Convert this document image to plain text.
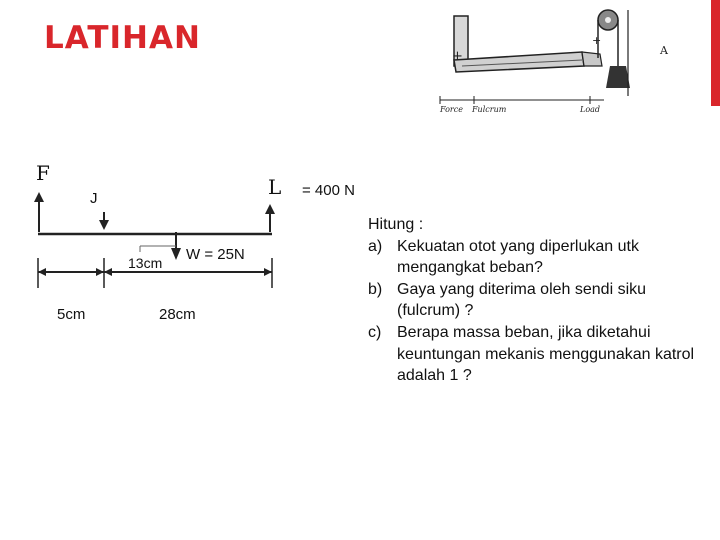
LATIHAN
+
+
Force Fulcrum	Load
A
F
L
J	= 400 N
W = 25N
13cm
5cm	28cm

Hitung :

a) Kekuatan otot yang diperlukan utk mengangkat beban?
b) Gaya yang diterima oleh sendi siku (fulcrum) ?
c) Berapa massa beban, jika diketahui keuntungan mekanis menggunakan katrol adalah 1 ?
